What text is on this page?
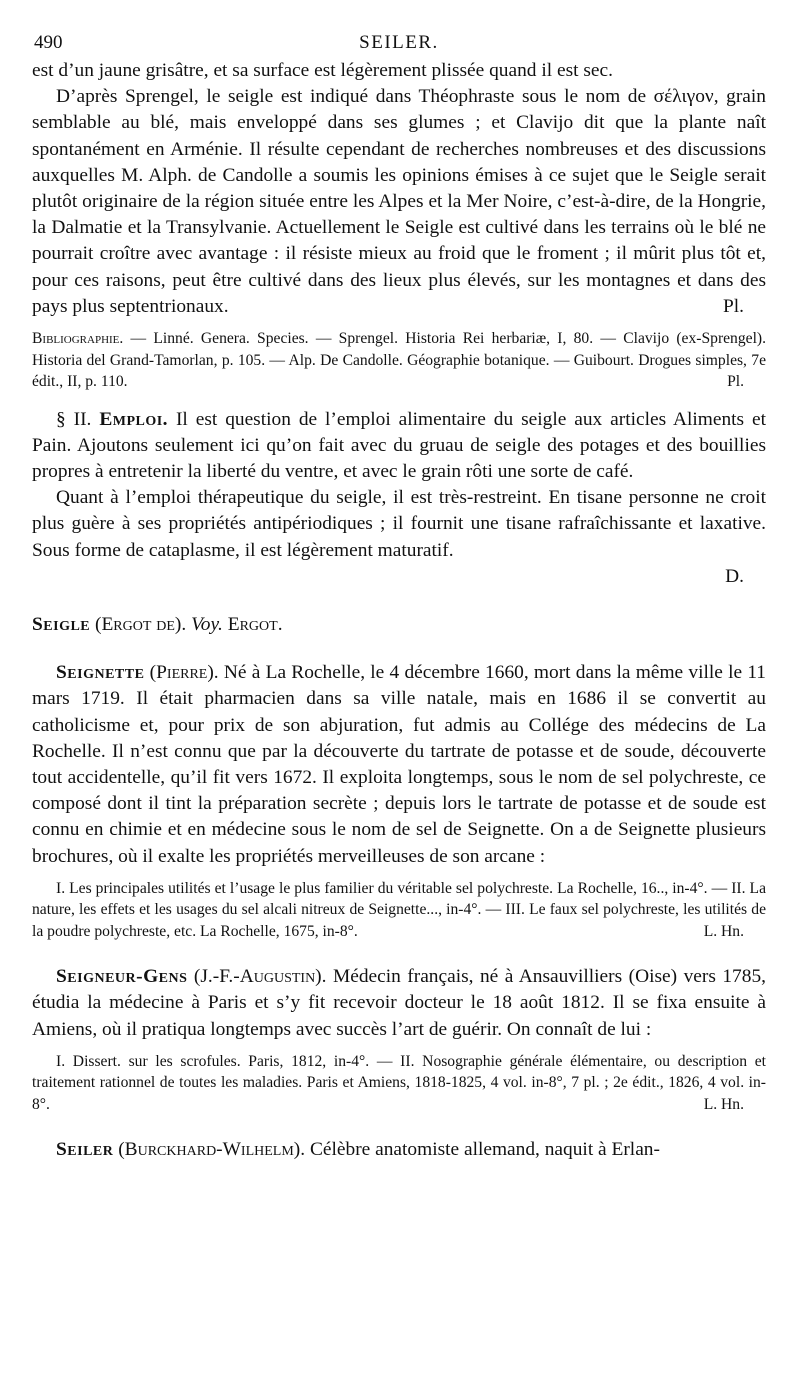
490	SEILER.

est d’un jaune grisâtre, et sa surface est légèrement plissée quand il est sec.

D’après Sprengel, le seigle est indiqué dans Théophraste sous le nom de σέλιγον, grain semblable au blé, mais enveloppé dans ses glumes ; et Clavijo dit que la plante naît spontanément en Arménie. Il résulte cependant de recherches nombreuses et des discussions auxquelles M. Alph. de Candolle a soumis les opinions émises à ce sujet que le Seigle serait plutôt originaire de la région située entre les Alpes et la Mer Noire, c’est-à-dire, de la Hongrie, la Dalmatie et la Transylvanie. Actuellement le Seigle est cultivé dans les terrains où le blé ne pourrait croître avec avantage : il résiste mieux au froid que le froment ; il mûrit plus tôt et, pour ces raisons, peut être cultivé dans des lieux plus élevés, sur les montagnes et dans des pays plus septentrionaux.	Pl.

Bibliographie. — Linné. Genera. Species. — Sprengel. Historia Rei herbariæ, I, 80. — Clavijo (ex-Sprengel). Historia del Grand-Tamorlan, p. 105. — Alp. De Candolle. Géographie botanique. — Guibourt. Drogues simples, 7e édit., II, p. 110.	Pl.

§ II. Emploi. Il est question de l’emploi alimentaire du seigle aux articles Aliments et Pain. Ajoutons seulement ici qu’on fait avec du gruau de seigle des potages et des bouillies propres à entretenir la liberté du ventre, et avec le grain rôti une sorte de café.

Quant à l’emploi thérapeutique du seigle, il est très-restreint. En tisane personne ne croit plus guère à ses propriétés antipériodiques ; il fournit une tisane rafraîchissante et laxative. Sous forme de cataplasme, il est légèrement maturatif.

D.

Seigle (Ergot de). Voy. Ergot.

Seignette (Pierre). Né à La Rochelle, le 4 décembre 1660, mort dans la même ville le 11 mars 1719. Il était pharmacien dans sa ville natale, mais en 1686 il se convertit au catholicisme et, pour prix de son abjuration, fut admis au Collége des médecins de La Rochelle. Il n’est connu que par la découverte du tartrate de potasse et de soude, découverte tout accidentelle, qu’il fit vers 1672. Il exploita longtemps, sous le nom de sel polychreste, ce composé dont il tint la préparation secrète ; depuis lors le tartrate de potasse et de soude est connu en chimie et en médecine sous le nom de sel de Seignette. On a de Seignette plusieurs brochures, où il exalte les propriétés merveilleuses de son arcane :

I. Les principales utilités et l’usage le plus familier du véritable sel polychreste. La Rochelle, 16.., in-4°. — II. La nature, les effets et les usages du sel alcali nitreux de Seignette..., in-4°. — III. Le faux sel polychreste, les utilités de la poudre polychreste, etc. La Rochelle, 1675, in-8°.	L. Hn.

Seigneur-Gens (J.-F.-Augustin). Médecin français, né à Ansauvilliers (Oise) vers 1785, étudia la médecine à Paris et s’y fit recevoir docteur le 18 août 1812. Il se fixa ensuite à Amiens, où il pratiqua longtemps avec succès l’art de guérir. On connaît de lui :

I. Dissert. sur les scrofules. Paris, 1812, in-4°. — II. Nosographie générale élémentaire, ou description et traitement rationnel de toutes les maladies. Paris et Amiens, 1818-1825, 4 vol. in-8°, 7 pl. ; 2e édit., 1826, 4 vol. in-8°.	L. Hn.

Seiler (Burckhard-Wilhelm). Célèbre anatomiste allemand, naquit à Erlan-
